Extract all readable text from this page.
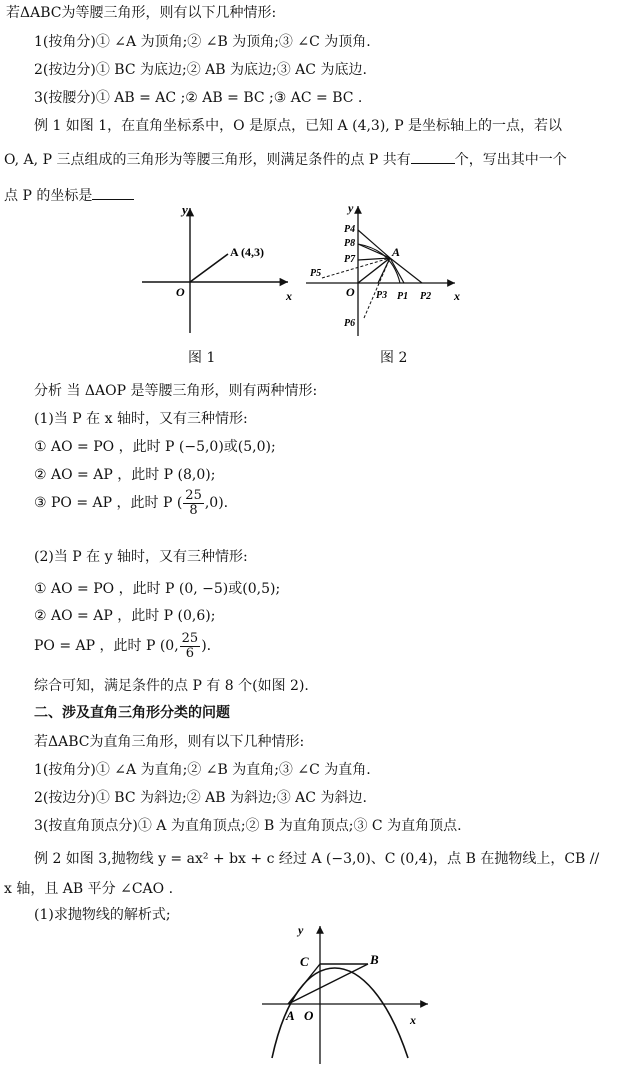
若ΔABC为等腰三角形，则有以下几种情形:
1(按角分)① ∠A 为顶角;② ∠B 为顶角;③ ∠C 为顶角.
2(按边分)① BC 为底边;② AB 为底边;③ AC 为底边.
3(按腰分)① AB = AC ;② AB = BC ;③ AC = BC .
例 1 如图 1，在直角坐标系中，O 是原点，已知 A (4,3), P 是坐标轴上的一点，若以
O, A, P 三点组成的三角形为等腰三角形，则满足条件的点 P 共有	个，写出其中一个
点 P 的坐标是
y
x
O
A (4,3)
y
x
O
A
P4
P8
P7
P5
P3 P1 P2
P6
图 1	图 2
分析 当 ΔAOP 是等腰三角形，则有两种情形:
(1)当 P 在 x 轴时，又有三种情形:
① AO = PO ，此时 P (−5,0)或(5,0);
② AO = AP ，此时 P (8,0);
③ PO = AP ，此时 P ( $\frac{25}{8} ,0$).
(2)当 P 在 y 轴时，又有三种情形:
① AO = PO ，此时 P (0, −5)或(0,5);
② AO = AP ，此时 P (0,6);
PO = AP ，此时 P (0, $\frac{25}{6}$ ).
综合可知，满足条件的点 P 有 8 个(如图 2).
二、涉及直角三角形分类的问题
若ΔABC为直角三角形，则有以下几种情形:
1(按角分)① ∠A 为直角;② ∠B 为直角;③ ∠C 为直角.
2(按边分)① BC 为斜边;② AB 为斜边;③ AC 为斜边.
3(按直角顶点分)① A 为直角顶点;② B 为直角顶点;③ C 为直角顶点.
例 2 如图 3,抛物线 y = ax² + bx + c 经过 A (−3,0)、C (0,4)，点 B 在抛物线上，CB //
x 轴，且 AB 平分 ∠CAO .
(1)求抛物线的解析式;
y
x
O
A
B
C
